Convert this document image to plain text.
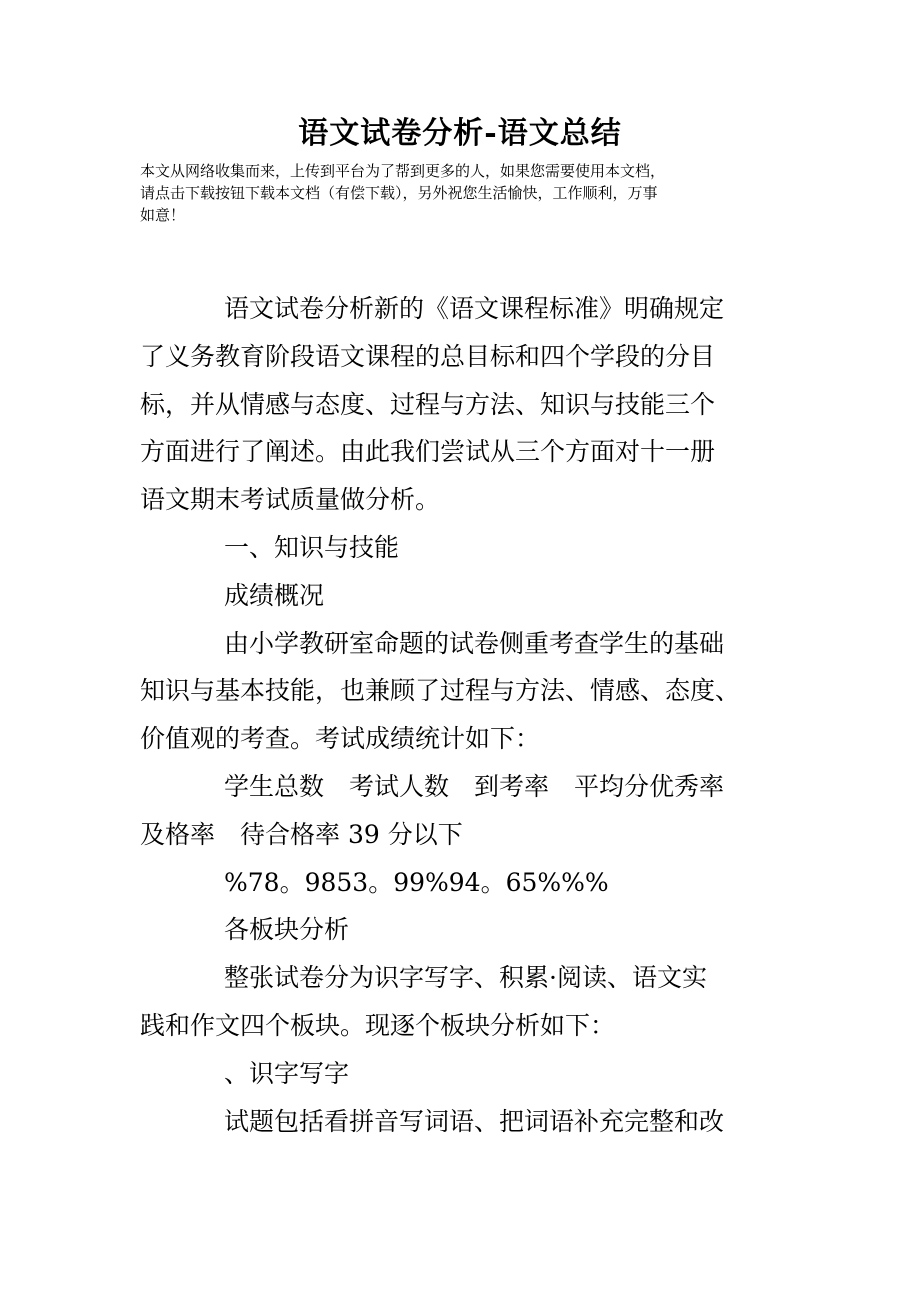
语文试卷分析-语文总结
本文从网络收集而来，上传到平台为了帮到更多的人，如果您需要使用本文档，
请点击下载按钮下载本文档（有偿下载），另外祝您生活愉快，工作顺利，万事
如意！
语文试卷分析新的《语文课程标准》明确规定
了义务教育阶段语文课程的总目标和四个学段的分目
标，并从情感与态度、过程与方法、知识与技能三个
方面进行了阐述。由此我们尝试从三个方面对十一册
语文期末考试质量做分析。
一、知识与技能
成绩概况
由小学教研室命题的试卷侧重考查学生的基础
知识与基本技能，也兼顾了过程与方法、情感、态度、
价值观的考查。考试成绩统计如下：
学生总数　考试人数　到考率　平均分优秀率
及格率　待合格率 39 分以下
%78。9853。99%94。65%%%
各板块分析
整张试卷分为识字写字、积累·阅读、语文实
践和作文四个板块。现逐个板块分析如下：
、识字写字
试题包括看拼音写词语、把词语补充完整和改
